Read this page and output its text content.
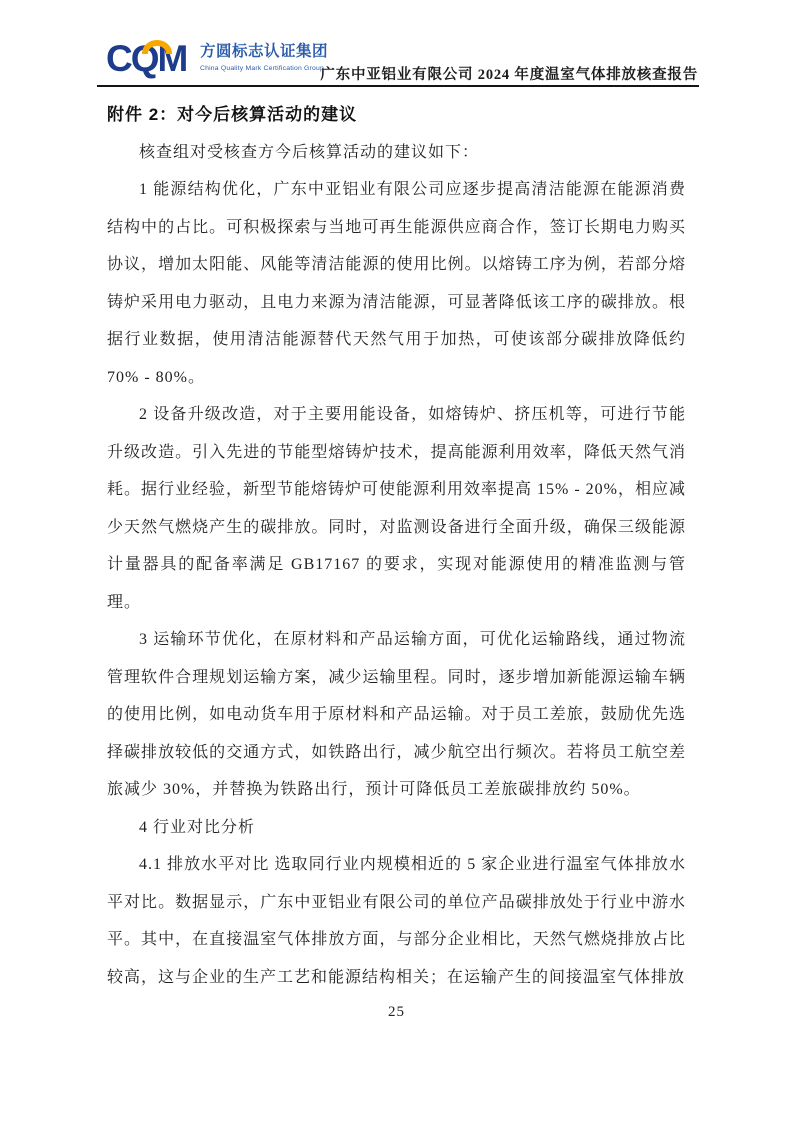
CQM 方圆标志认证集团
China Quality Mark Certification Group
广东中亚铝业有限公司 2024 年度温室气体排放核查报告
附件 2：对今后核算活动的建议

核查组对受核查方今后核算活动的建议如下：

1 能源结构优化，广东中亚铝业有限公司应逐步提高清洁能源在能源消费结构中的占比。可积极探索与当地可再生能源供应商合作，签订长期电力购买协议，增加太阳能、风能等清洁能源的使用比例。以熔铸工序为例，若部分熔铸炉采用电力驱动，且电力来源为清洁能源，可显著降低该工序的碳排放。根据行业数据，使用清洁能源替代天然气用于加热，可使该部分碳排放降低约 70% - 80%。

2 设备升级改造，对于主要用能设备，如熔铸炉、挤压机等，可进行节能升级改造。引入先进的节能型熔铸炉技术，提高能源利用效率，降低天然气消耗。据行业经验，新型节能熔铸炉可使能源利用效率提高 15% - 20%，相应减少天然气燃烧产生的碳排放。同时，对监测设备进行全面升级，确保三级能源计量器具的配备率满足 GB17167 的要求，实现对能源使用的精准监测与管理。

3 运输环节优化，在原材料和产品运输方面，可优化运输路线，通过物流管理软件合理规划运输方案，减少运输里程。同时，逐步增加新能源运输车辆的使用比例，如电动货车用于原材料和产品运输。对于员工差旅，鼓励优先选择碳排放较低的交通方式，如铁路出行，减少航空出行频次。若将员工航空差旅减少 30%，并替换为铁路出行，预计可降低员工差旅碳排放约 50%。

4 行业对比分析

4.1 排放水平对比 选取同行业内规模相近的 5 家企业进行温室气体排放水平对比。数据显示，广东中亚铝业有限公司的单位产品碳排放处于行业中游水平。其中，在直接温室气体排放方面，与部分企业相比，天然气燃烧排放占比较高，这与企业的生产工艺和能源结构相关；在运输产生的间接温室气体排放

25
